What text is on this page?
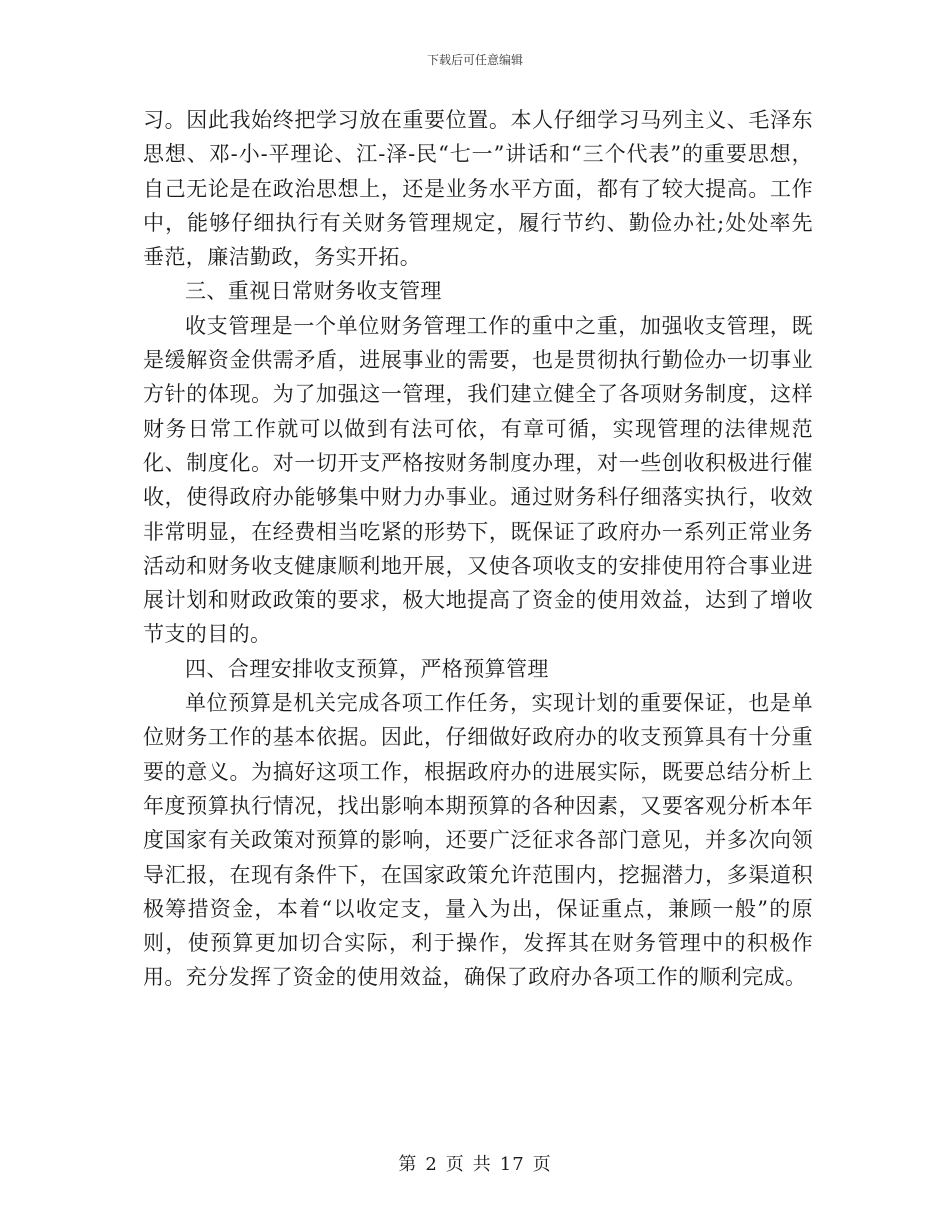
下载后可任意编辑

习。因此我始终把学习放在重要位置。本人仔细学习马列主义、毛泽东思想、邓-小-平理论、江-泽-民“七一”讲话和“三个代表”的重要思想，自己无论是在政治思想上，还是业务水平方面，都有了较大提高。工作中，能够仔细执行有关财务管理规定，履行节约、勤俭办社;处处率先垂范，廉洁勤政，务实开拓。

三、重视日常财务收支管理

收支管理是一个单位财务管理工作的重中之重，加强收支管理，既是缓解资金供需矛盾，进展事业的需要，也是贯彻执行勤俭办一切事业方针的体现。为了加强这一管理，我们建立健全了各项财务制度，这样财务日常工作就可以做到有法可依，有章可循，实现管理的法律规范化、制度化。对一切开支严格按财务制度办理，对一些创收积极进行催收，使得政府办能够集中财力办事业。通过财务科仔细落实执行，收效非常明显，在经费相当吃紧的形势下，既保证了政府办一系列正常业务活动和财务收支健康顺利地开展，又使各项收支的安排使用符合事业进展计划和财政政策的要求，极大地提高了资金的使用效益，达到了增收节支的目的。

四、合理安排收支预算，严格预算管理

单位预算是机关完成各项工作任务，实现计划的重要保证，也是单位财务工作的基本依据。因此，仔细做好政府办的收支预算具有十分重要的意义。为搞好这项工作，根据政府办的进展实际，既要总结分析上年度预算执行情况，找出影响本期预算的各种因素，又要客观分析本年度国家有关政策对预算的影响，还要广泛征求各部门意见，并多次向领导汇报，在现有条件下，在国家政策允许范围内，挖掘潜力，多渠道积极筹措资金，本着“以收定支，量入为出，保证重点，兼顾一般”的原则，使预算更加切合实际，利于操作，发挥其在财务管理中的积极作用。充分发挥了资金的使用效益，确保了政府办各项工作的顺利完成。

第 2 页 共 17 页
